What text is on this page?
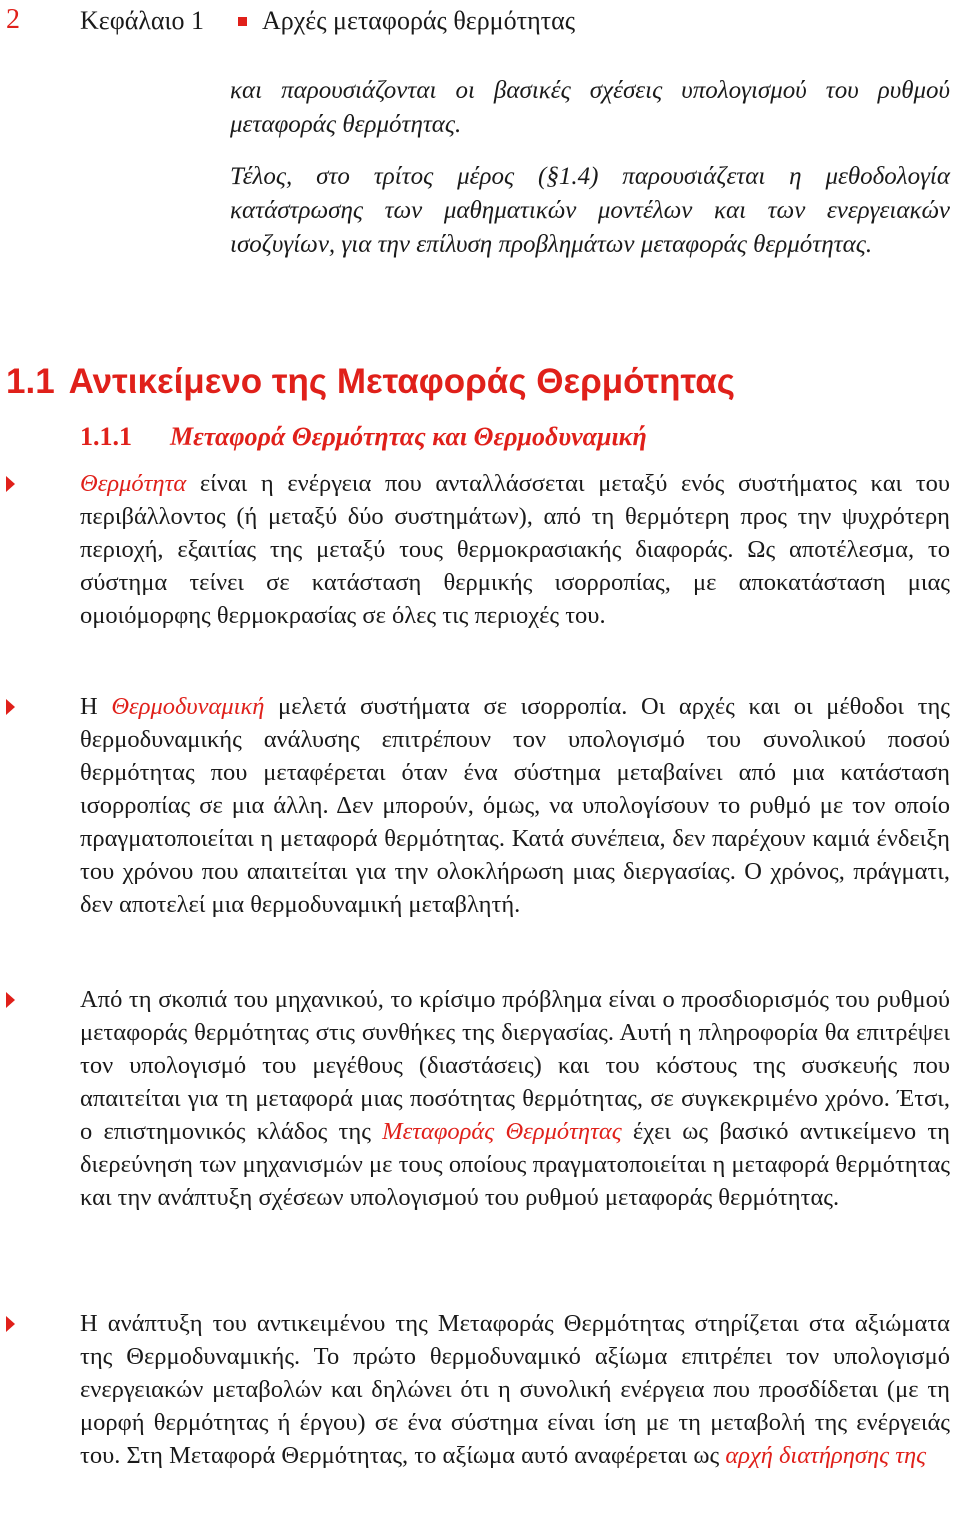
2 Κεφάλαιο 1 Αρχές μεταφοράς θερμότητας

και παρουσιάζονται οι βασικές σχέσεις υπολογισμού του ρυθμού μεταφοράς θερμότητας.

Τέλος, στο τρίτος μέρος (§1.4) παρουσιάζεται η μεθοδολογία κατάστρωσης των μαθηματικών μοντέλων και των ενεργειακών ισοζυγίων, για την επίλυση προβλημάτων μεταφοράς θερμότητας.

1.1 Αντικείμενο της Μεταφοράς Θερμότητας
1.1.1 Μεταφορά Θερμότητας και Θερμοδυναμική

Θερμότητα είναι η ενέργεια που ανταλλάσσεται μεταξύ ενός συστήματος και του περιβάλλοντος (ή μεταξύ δύο συστημάτων), από τη θερμότερη προς την ψυχρότερη περιοχή, εξαιτίας της μεταξύ τους θερμοκρασιακής διαφοράς. Ως αποτέλεσμα, το σύστημα τείνει σε κατάσταση θερμικής ισορροπίας, με αποκατάσταση μιας ομοιόμορφης θερμοκρασίας σε όλες τις περιοχές του.

Η Θερμοδυναμική μελετά συστήματα σε ισορροπία. Οι αρχές και οι μέθοδοι της θερμοδυναμικής ανάλυσης επιτρέπουν τον υπολογισμό του συνολικού ποσού θερμότητας που μεταφέρεται όταν ένα σύστημα μεταβαίνει από μια κατάσταση ισορροπίας σε μια άλλη. Δεν μπορούν, όμως, να υπολογίσουν το ρυθμό με τον οποίο πραγματοποιείται η μεταφορά θερμότητας. Κατά συνέπεια, δεν παρέχουν καμιά ένδειξη του χρόνου που απαιτείται για την ολοκλήρωση μιας διεργασίας. Ο χρόνος, πράγματι, δεν αποτελεί μια θερμοδυναμική μεταβλητή.

Από τη σκοπιά του μηχανικού, το κρίσιμο πρόβλημα είναι ο προσδιορισμός του ρυθμού μεταφοράς θερμότητας στις συνθήκες της διεργασίας. Αυτή η πληροφορία θα επιτρέψει τον υπολογισμό του μεγέθους (διαστάσεις) και του κόστους της συσκευής που απαιτείται για τη μεταφορά μιας ποσότητας θερμότητας, σε συγκεκριμένο χρόνο. Έτσι, ο επιστημονικός κλάδος της Μεταφοράς Θερμότητας έχει ως βασικό αντικείμενο τη διερεύνηση των μηχανισμών με τους οποίους πραγματοποιείται η μεταφορά θερμότητας και την ανάπτυξη σχέσεων υπολογισμού του ρυθμού μεταφοράς θερμότητας.

Η ανάπτυξη του αντικειμένου της Μεταφοράς Θερμότητας στηρίζεται στα αξιώματα της Θερμοδυναμικής. Το πρώτο θερμοδυναμικό αξίωμα επιτρέπει τον υπολογισμό ενεργειακών μεταβολών και δηλώνει ότι η συνολική ενέργεια που προσδίδεται (με τη μορφή θερμότητας ή έργου) σε ένα σύστημα είναι ίση με τη μεταβολή της ενέργειάς του. Στη Μεταφορά Θερμότητας, το αξίωμα αυτό αναφέρεται ως αρχή διατήρησης της
